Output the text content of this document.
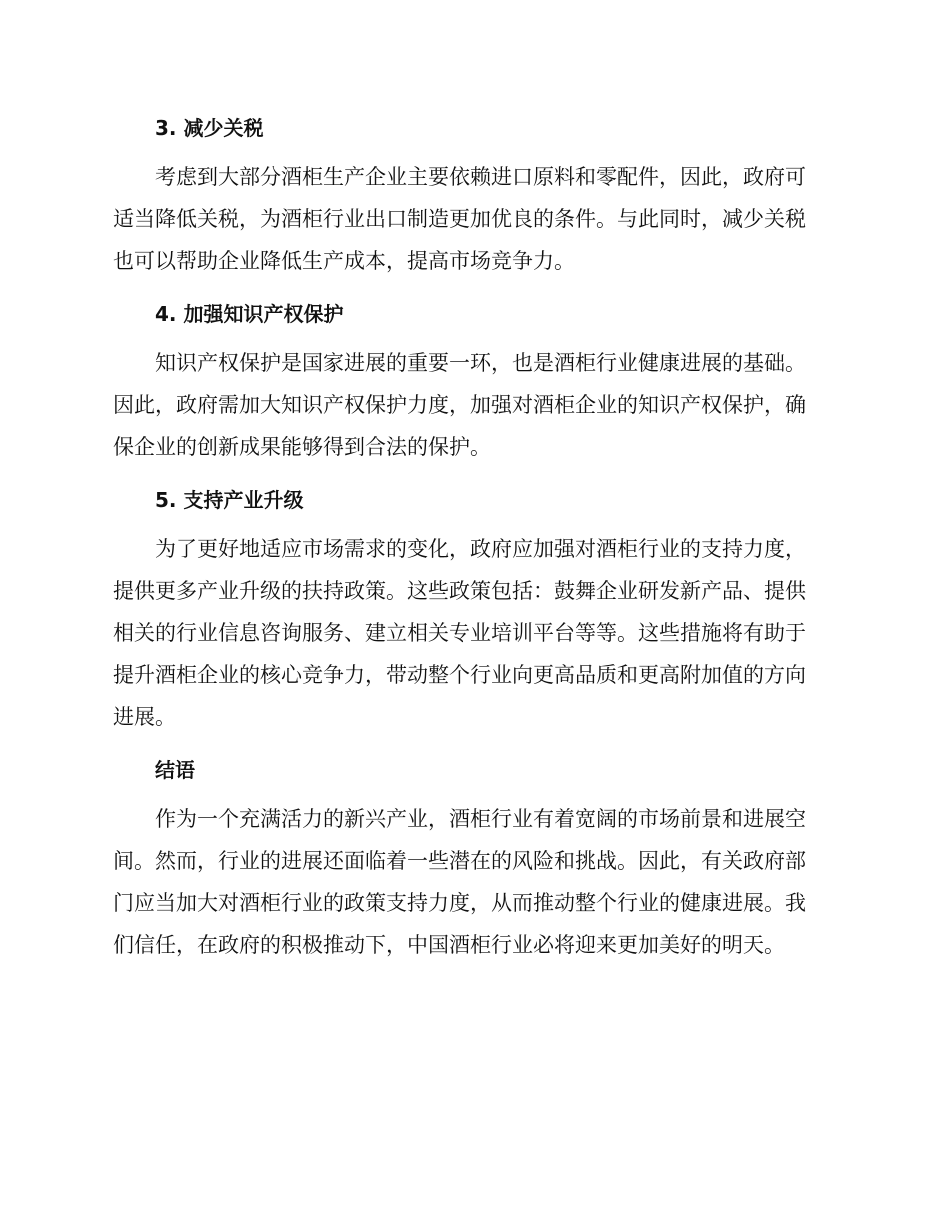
3. 减少关税

考虑到大部分酒柜生产企业主要依赖进口原料和零配件，因此，政府可
适当降低关税，为酒柜行业出口制造更加优良的条件。与此同时，减少关税
也可以帮助企业降低生产成本，提高市场竞争力。

4. 加强知识产权保护

知识产权保护是国家进展的重要一环，也是酒柜行业健康进展的基础。
因此，政府需加大知识产权保护力度，加强对酒柜企业的知识产权保护，确
保企业的创新成果能够得到合法的保护。

5. 支持产业升级

为了更好地适应市场需求的变化，政府应加强对酒柜行业的支持力度，
提供更多产业升级的扶持政策。这些政策包括：鼓舞企业研发新产品、提供
相关的行业信息咨询服务、建立相关专业培训平台等等。这些措施将有助于
提升酒柜企业的核心竞争力，带动整个行业向更高品质和更高附加值的方向
进展。

结语

作为一个充满活力的新兴产业，酒柜行业有着宽阔的市场前景和进展空
间。然而，行业的进展还面临着一些潜在的风险和挑战。因此，有关政府部
门应当加大对酒柜行业的政策支持力度，从而推动整个行业的健康进展。我
们信任，在政府的积极推动下，中国酒柜行业必将迎来更加美好的明天。
